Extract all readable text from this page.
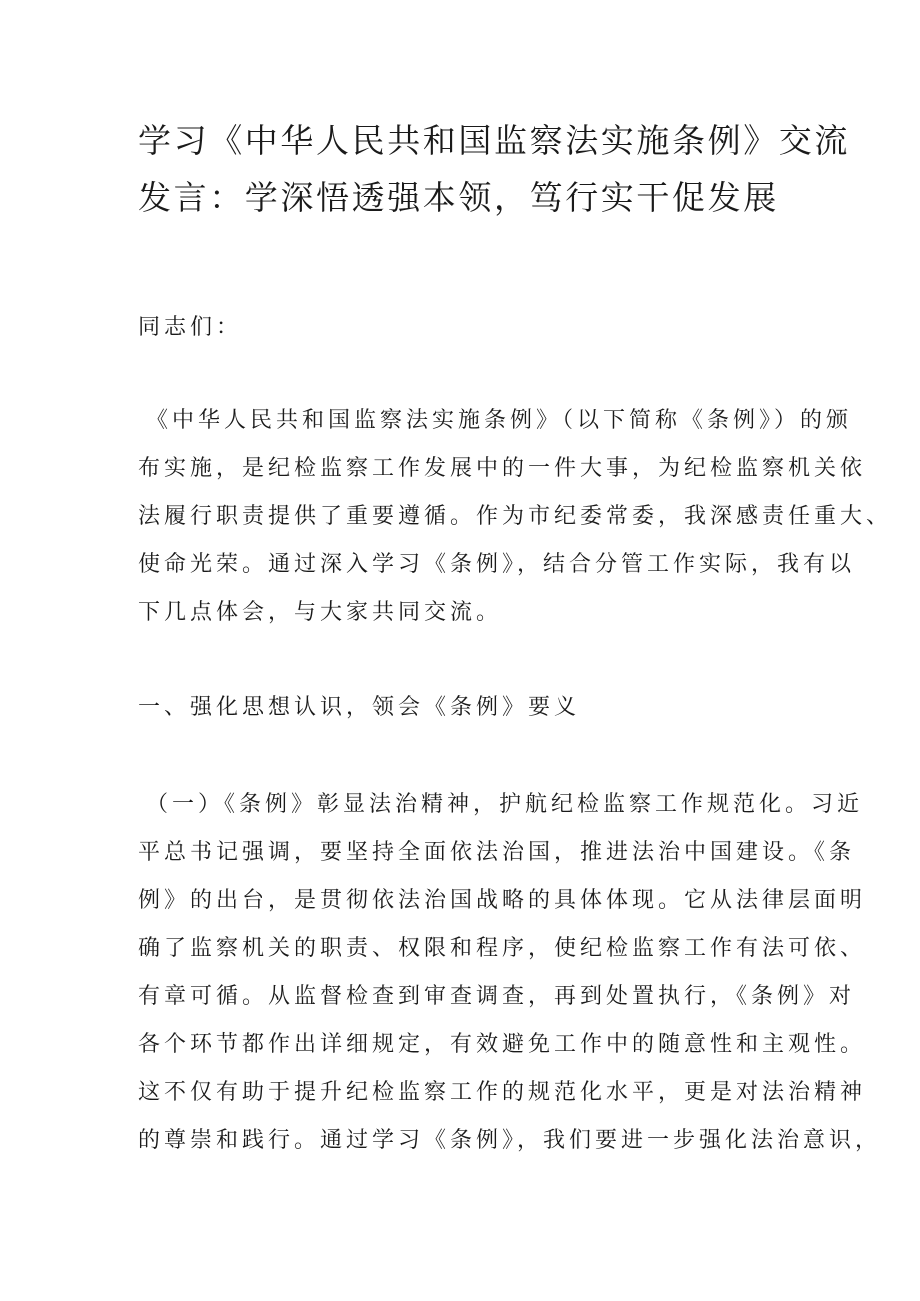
学习《中华人民共和国监察法实施条例》交流
发言：学深悟透强本领，笃行实干促发展
同志们：
《中华人民共和国监察法实施条例》（以下简称《条例》）的颁
布实施，是纪检监察工作发展中的一件大事，为纪检监察机关依
法履行职责提供了重要遵循。作为市纪委常委，我深感责任重大、
使命光荣。通过深入学习《条例》，结合分管工作实际，我有以
下几点体会，与大家共同交流。
一、强化思想认识，领会《条例》要义
（一）《条例》彰显法治精神，护航纪检监察工作规范化。习近
平总书记强调，要坚持全面依法治国，推进法治中国建设。《条
例》的出台，是贯彻依法治国战略的具体体现。它从法律层面明
确了监察机关的职责、权限和程序，使纪检监察工作有法可依、
有章可循。从监督检查到审查调查，再到处置执行，《条例》对
各个环节都作出详细规定，有效避免工作中的随意性和主观性。
这不仅有助于提升纪检监察工作的规范化水平，更是对法治精神
的尊崇和践行。通过学习《条例》，我们要进一步强化法治意识，
